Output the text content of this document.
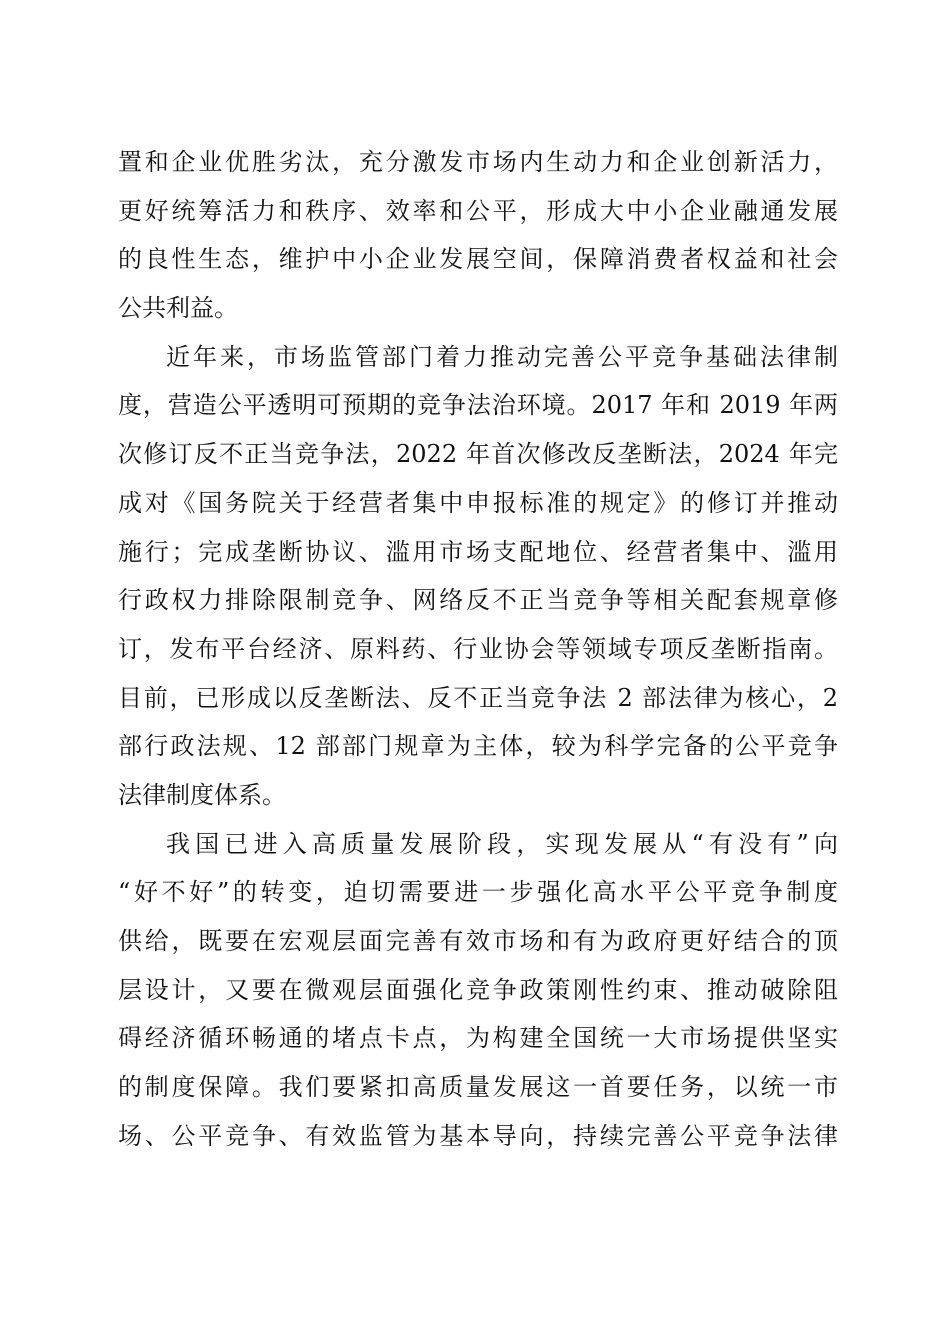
置和企业优胜劣汰，充分激发市场内生动力和企业创新活力，
更好统筹活力和秩序、效率和公平，形成大中小企业融通发展
的良性生态，维护中小企业发展空间，保障消费者权益和社会
公共利益。
近年来，市场监管部门着力推动完善公平竞争基础法律制
度，营造公平透明可预期的竞争法治环境。2017 年和 2019 年两
次修订反不正当竞争法，2022 年首次修改反垄断法，2024 年完
成对《国务院关于经营者集中申报标准的规定》的修订并推动
施行；完成垄断协议、滥用市场支配地位、经营者集中、滥用
行政权力排除限制竞争、网络反不正当竞争等相关配套规章修
订，发布平台经济、原料药、行业协会等领域专项反垄断指南。
目前，已形成以反垄断法、反不正当竞争法 2 部法律为核心，2
部行政法规、12 部部门规章为主体，较为科学完备的公平竞争
法律制度体系。
我国已进入高质量发展阶段，实现发展从“有没有”向
“好不好”的转变，迫切需要进一步强化高水平公平竞争制度
供给，既要在宏观层面完善有效市场和有为政府更好结合的顶
层设计，又要在微观层面强化竞争政策刚性约束、推动破除阻
碍经济循环畅通的堵点卡点，为构建全国统一大市场提供坚实
的制度保障。我们要紧扣高质量发展这一首要任务，以统一市
场、公平竞争、有效监管为基本导向，持续完善公平竞争法律
